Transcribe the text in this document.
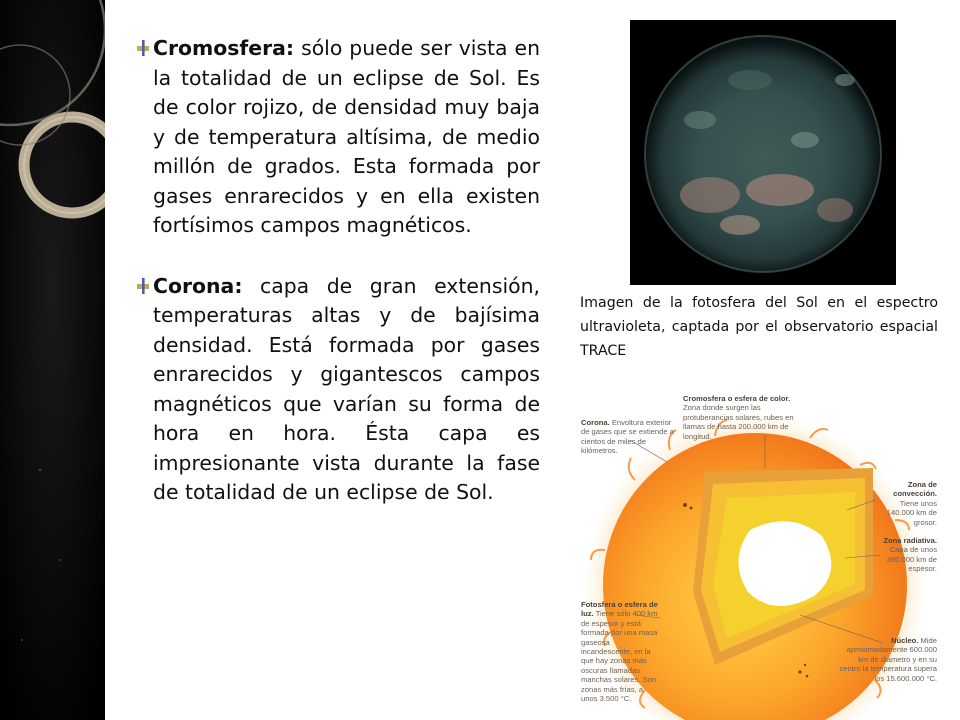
Cromosfera: sólo puede ser vista en la totalidad de un eclipse de Sol. Es de color rojizo, de densidad muy baja y de temperatura altísima, de medio millón de grados. Esta formada por gases enrarecidos y en ella existen fortísimos campos magnéticos.
Corona: capa de gran extensión, temperaturas altas y de bajísima densidad. Está formada por gases enrarecidos y gigantescos campos magnéticos que varían su forma de hora en hora. Ésta capa es impresionante vista durante la fase de totalidad de un eclipse de Sol.
Imagen de la fotosfera del Sol en el espectro ultravioleta, captada por el observatorio espacial TRACE
Corona. Envoltura exterior de gases que se extiende a cientos de miles de kilómetros.
Cromosfera o esfera de color. Zona donde surgen las protuberancias solares, rubes en llamas de hasta 200.000 km de longitud.
Zona de convección. Tiene unos 140.000 km de grosor.
Zona radiativa. Capa de unos 380.000 km de espesor.
Fotosfera o esfera de luz. Tiene sólo 400 km de espesor y está formada por una masa gaseosa incandescente, en la que hay zonas más oscuras llamadas manchas solares. Son zonas más frías, a unos 3.500 °C.
Núcleo. Mide aproximadamente 600.000 km de diámetro y en su centro la temperatura supera los 15.600.000 °C.
